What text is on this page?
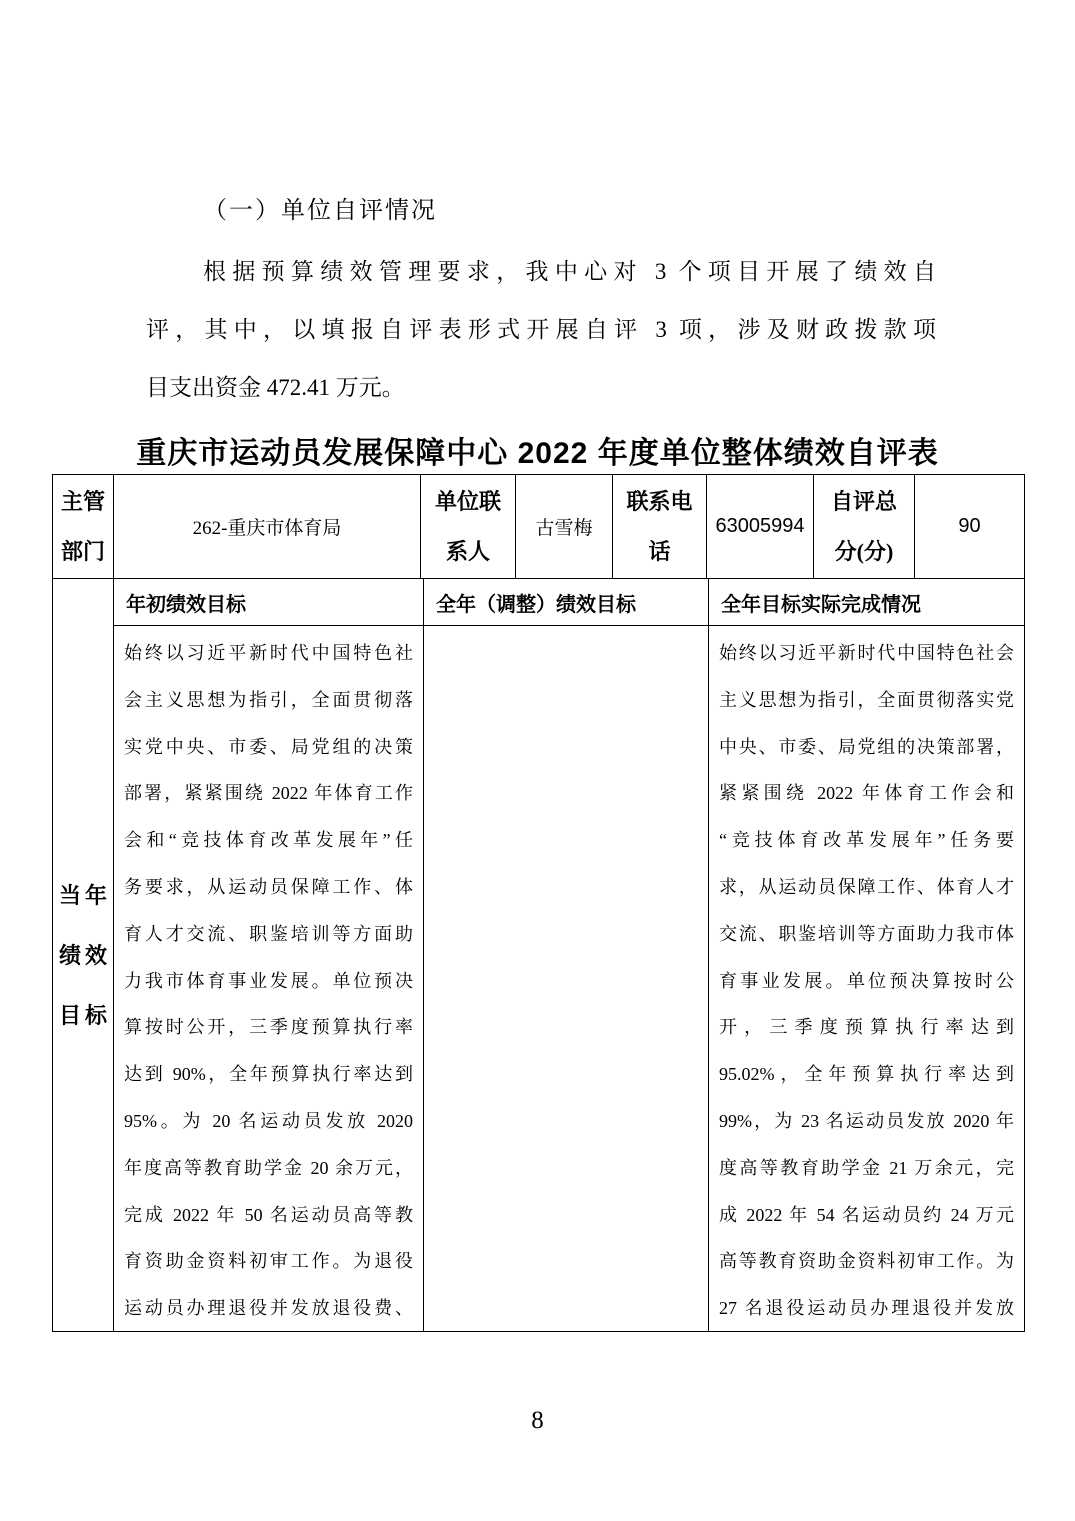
（一）单位自评情况
根据预算绩效管理要求，我中心对 3 个项目开展了绩效自
评，其中，以填报自评表形式开展自评 3 项，涉及财政拨款项
目支出资金 472.41 万元。
重庆市运动员发展保障中心 2022 年度单位整体绩效自评表
主管
部门
262-重庆市体育局
单位联
系人
古雪梅
联系电
话
63005994
自评总
分(分)
90
当年
绩效
目标
年初绩效目标	全年（调整）绩效目标	全年目标实际完成情况
始终以习近平新时代中国特色社
会主义思想为指引，全面贯彻落
实党中央、市委、局党组的决策
部署，紧紧围绕 2022 年体育工作
会和“竞技体育改革发展年”任
务要求，从运动员保障工作、体
育人才交流、职鉴培训等方面助
力我市体育事业发展。单位预决
算按时公开，三季度预算执行率
达到 90%，全年预算执行率达到
95%。为 20 名运动员发放 2020
年度高等教育助学金 20 余万元，
完成 2022 年 50 名运动员高等教
育资助金资料初审工作。为退役
运动员办理退役并发放退役费、
始终以习近平新时代中国特色社会
主义思想为指引，全面贯彻落实党
中央、市委、局党组的决策部署，
紧紧围绕 2022 年体育工作会和
“竞技体育改革发展年”任务要
求，从运动员保障工作、体育人才
交流、职鉴培训等方面助力我市体
育事业发展。单位预决算按时公
开，三季度预算执行率达到
95.02%，全年预算执行率达到
99%，为 23 名运动员发放 2020 年
度高等教育助学金 21 万余元，完
成 2022 年 54 名运动员约 24 万元
高等教育资助金资料初审工作。为
27 名退役运动员办理退役并发放
8
